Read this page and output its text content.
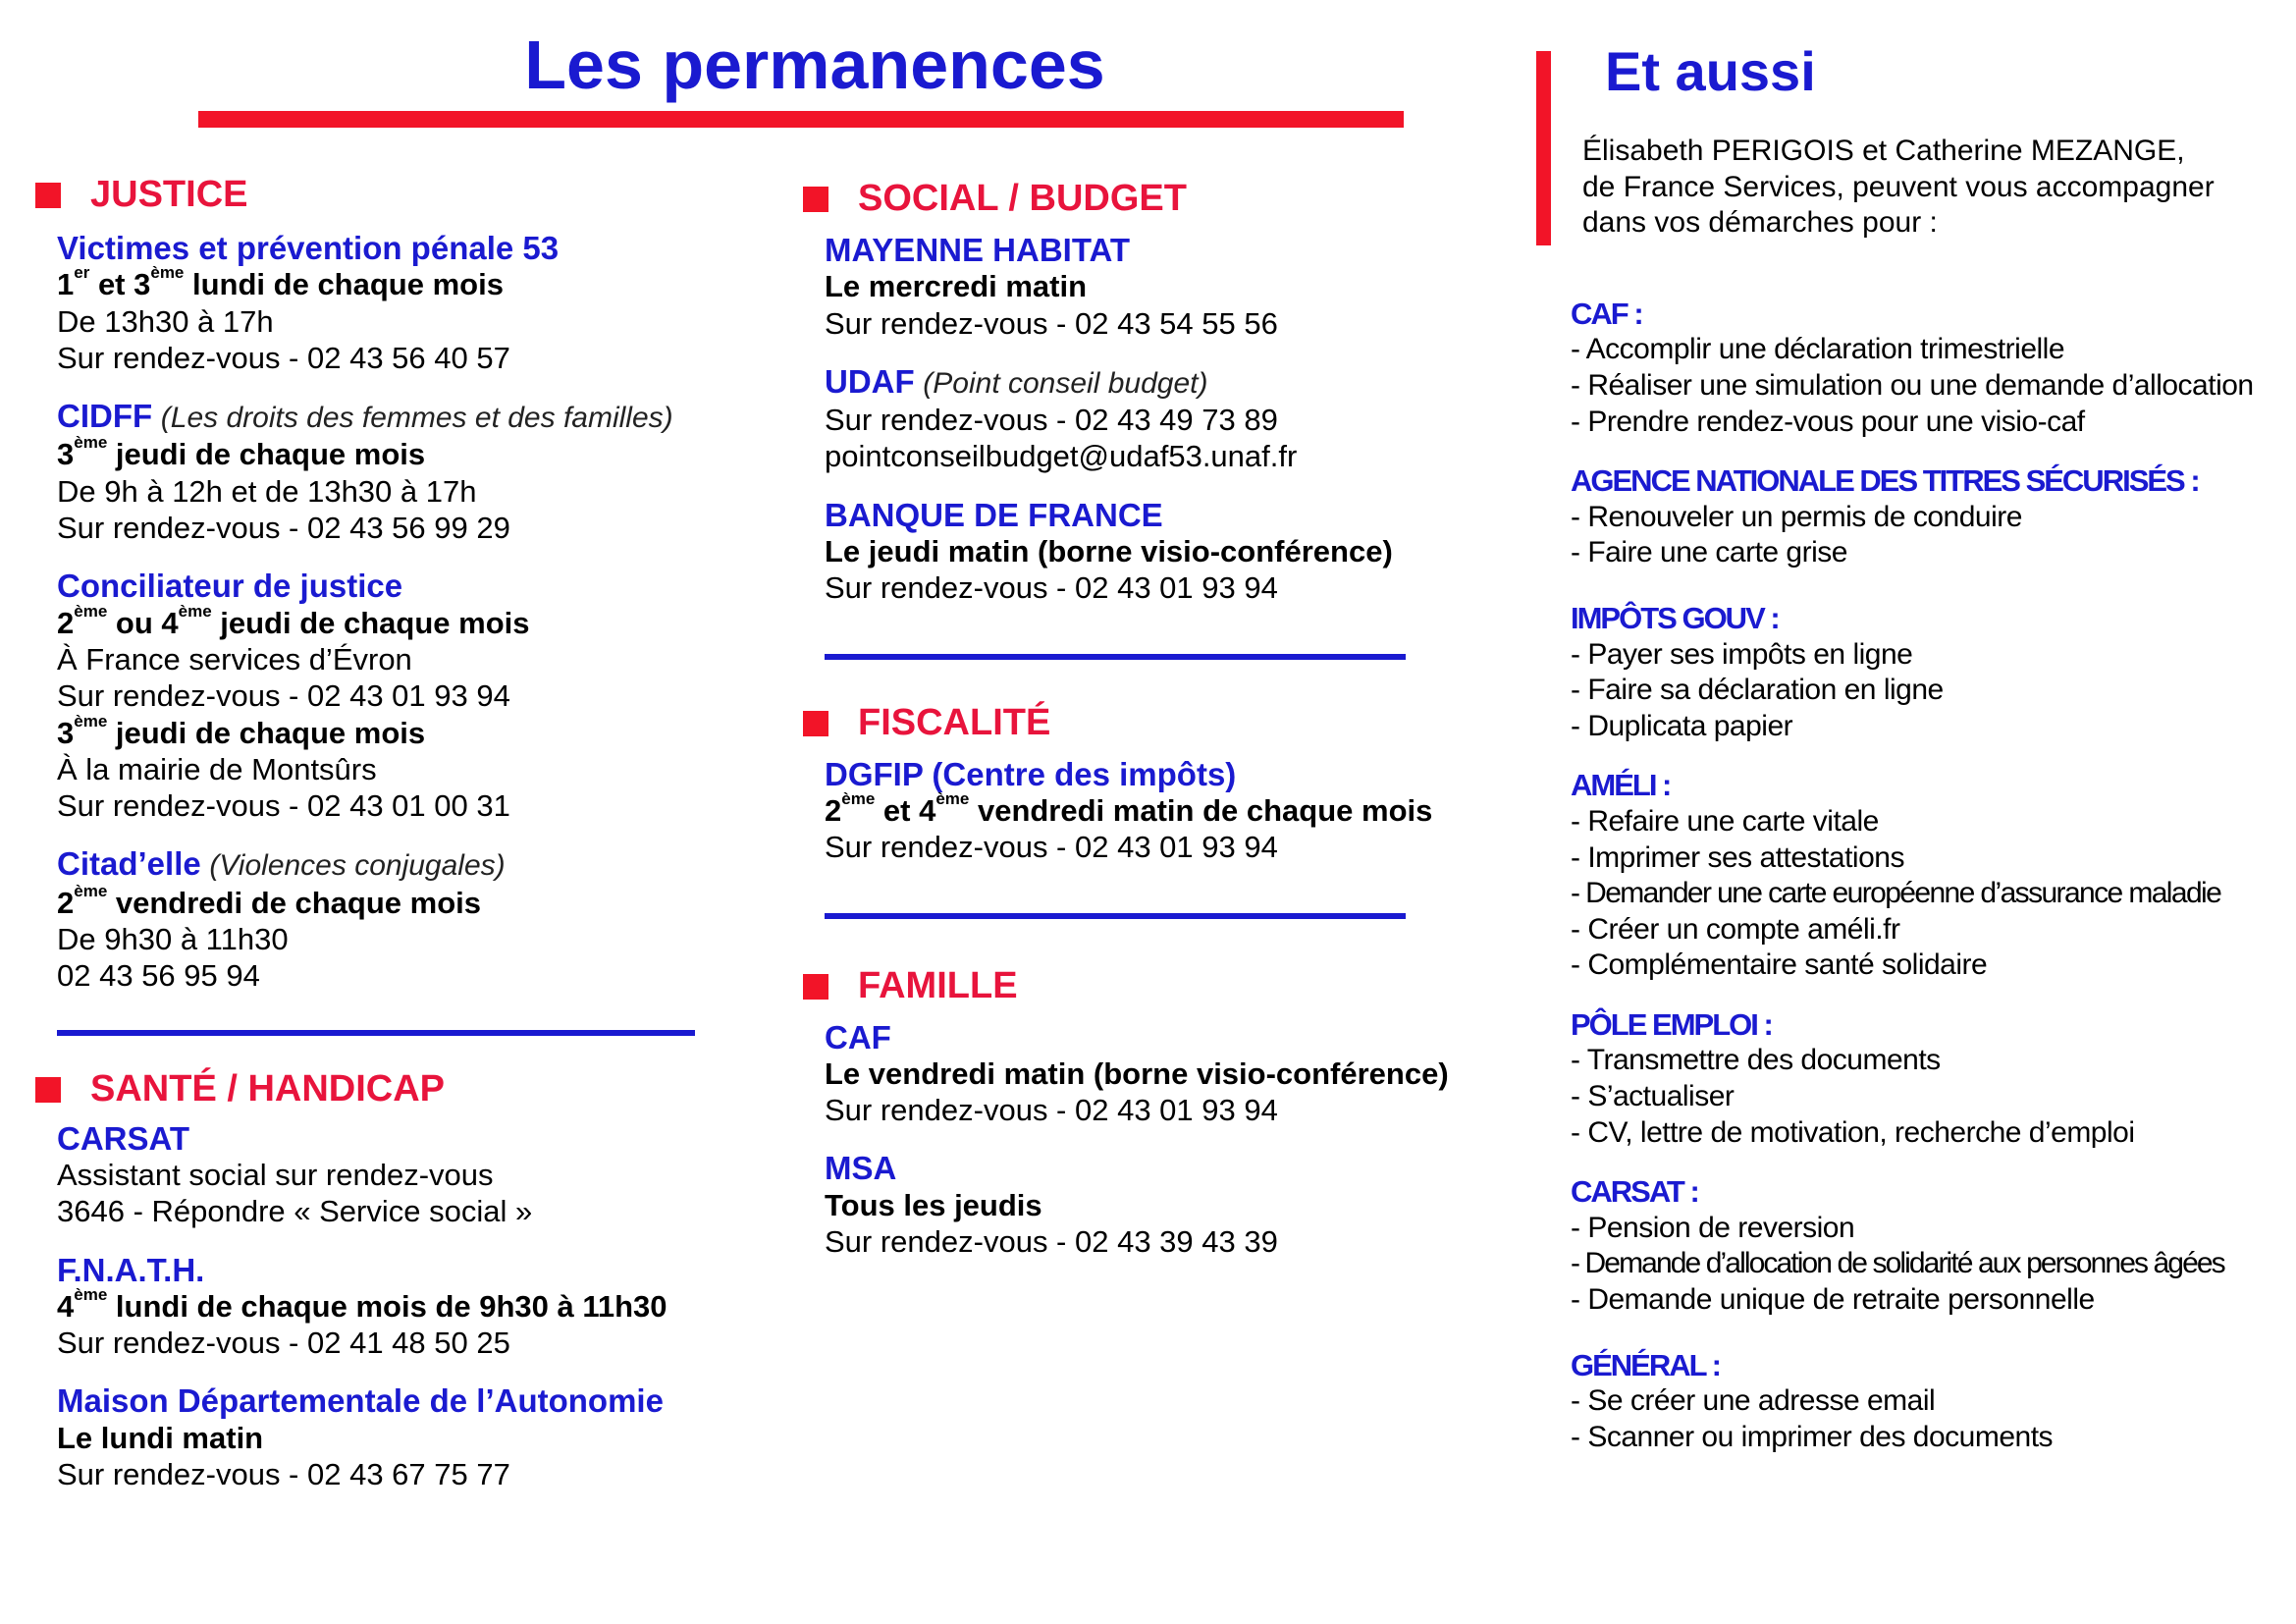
Les permanences	Et aussi
JUSTICE
Victimes et prévention pénale 53
1er et 3ème lundi de chaque mois
De 13h30 à 17h
Sur rendez-vous - 02 43 56 40 57
CIDFF (Les droits des femmes et des familles)
3ème jeudi de chaque mois
De 9h à 12h et de 13h30 à 17h
Sur rendez-vous - 02 43 56 99 29
Conciliateur de justice
2ème ou 4ème jeudi de chaque mois
À France services d’Évron
Sur rendez-vous - 02 43 01 93 94
3ème jeudi de chaque mois
À la mairie de Montsûrs
Sur rendez-vous - 02 43 01 00 31
Citad’elle (Violences conjugales)
2ème vendredi de chaque mois
De 9h30 à 11h30
02 43 56 95 94
SANTÉ / HANDICAP
CARSAT
Assistant social sur rendez-vous
3646 - Répondre « Service social »
F.N.A.T.H.
4ème lundi de chaque mois de 9h30 à 11h30
Sur rendez-vous - 02 41 48 50 25
Maison Départementale de l’Autonomie
Le lundi matin
Sur rendez-vous - 02 43 67 75 77
SOCIAL / BUDGET
MAYENNE HABITAT
Le mercredi matin
Sur rendez-vous - 02 43 54 55 56
UDAF (Point conseil budget)
Sur rendez-vous - 02 43 49 73 89
pointconseilbudget@udaf53.unaf.fr
BANQUE DE FRANCE
Le jeudi matin (borne visio-conférence)
Sur rendez-vous - 02 43 01 93 94
FISCALITÉ
DGFIP (Centre des impôts)
2ème et 4ème vendredi matin de chaque mois
Sur rendez-vous - 02 43 01 93 94
FAMILLE
CAF
Le vendredi matin (borne visio-conférence)
Sur rendez-vous - 02 43 01 93 94
MSA
Tous les jeudis
Sur rendez-vous - 02 43 39 43 39
Élisabeth PERIGOIS et Catherine MEZANGE,
de France Services, peuvent vous accompagner
dans vos démarches pour :
CAF :
- Accomplir une déclaration trimestrielle
- Réaliser une simulation ou une demande d’allocation
- Prendre rendez-vous pour une visio-caf
AGENCE NATIONALE DES TITRES SÉCURISÉS :
- Renouveler un permis de conduire
- Faire une carte grise
IMPÔTS GOUV :
- Payer ses impôts en ligne
- Faire sa déclaration en ligne
- Duplicata papier
AMÉLI :
- Refaire une carte vitale
- Imprimer ses attestations
- Demander une carte européenne d’assurance maladie
- Créer un compte améli.fr
- Complémentaire santé solidaire
PÔLE EMPLOI :
- Transmettre des documents
- S’actualiser
- CV, lettre de motivation, recherche d’emploi
CARSAT :
- Pension de reversion
- Demande d’allocation de solidarité aux personnes âgées
- Demande unique de retraite personnelle
GÉNÉRAL :
- Se créer une adresse email
- Scanner ou imprimer des documents
